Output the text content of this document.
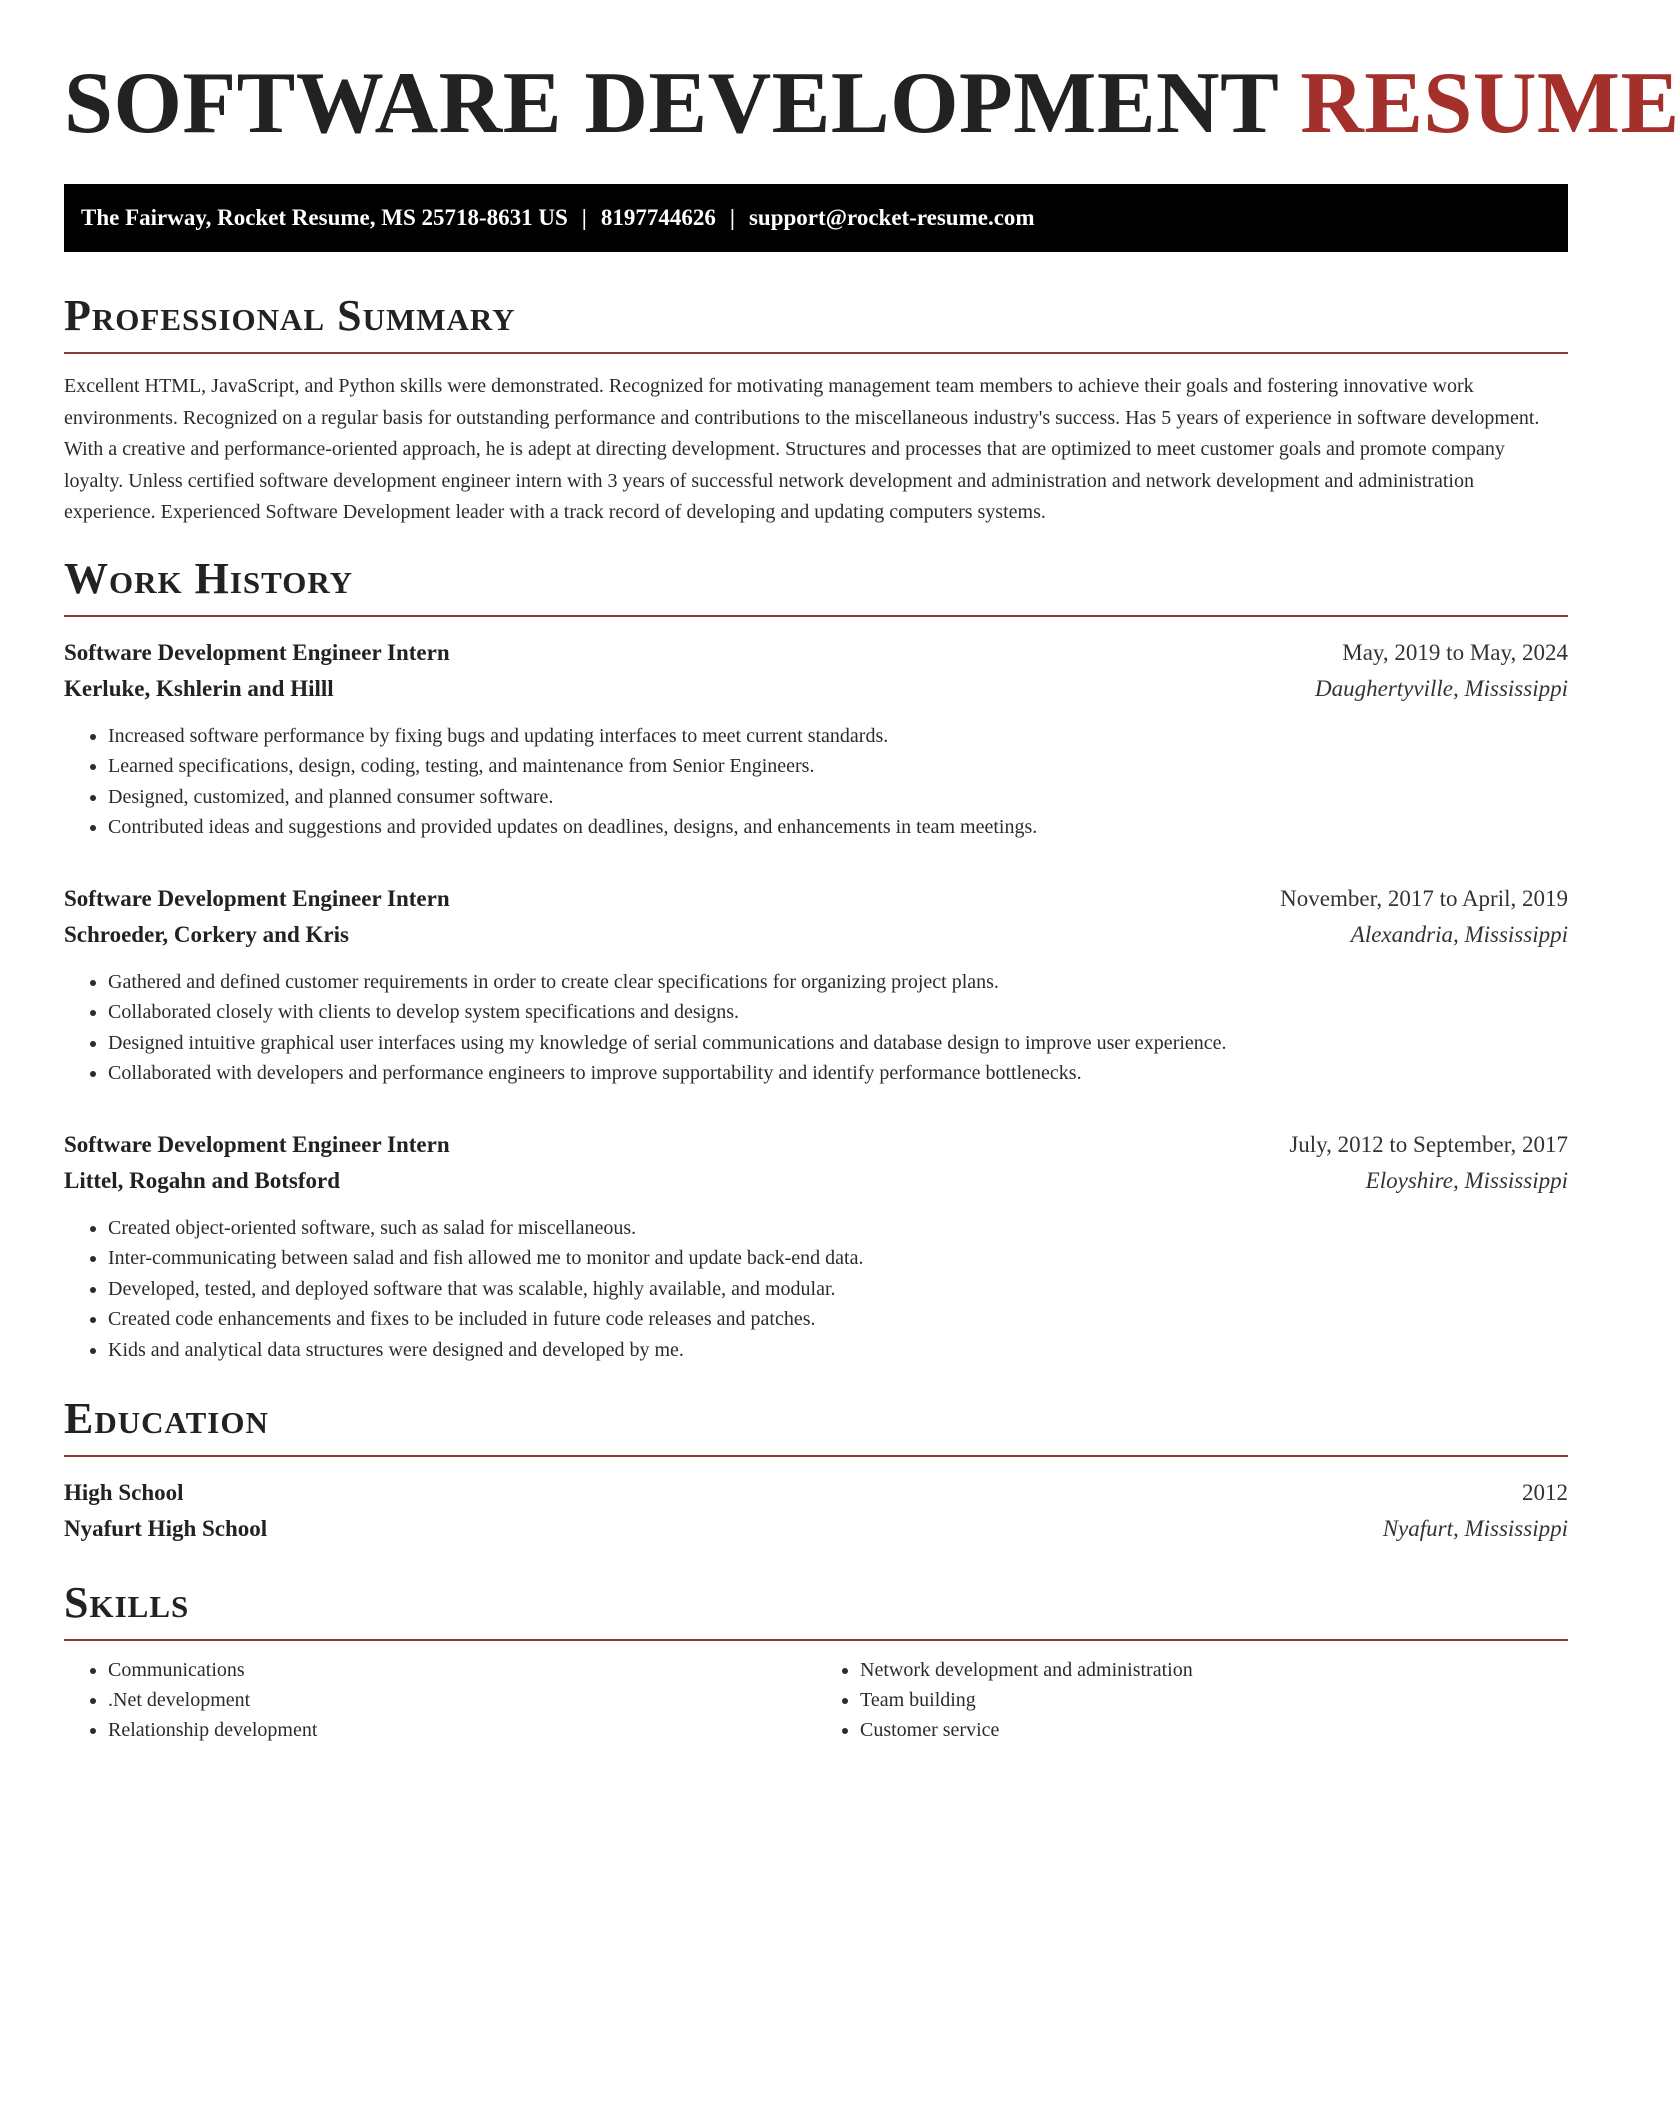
SOFTWARE DEVELOPMENT RESUME
The Fairway, Rocket Resume, MS 25718-8631 US | 8197744626 | support@rocket-resume.com
Professional Summary

Excellent HTML, JavaScript, and Python skills were demonstrated. Recognized for motivating management team members to achieve their goals and fostering innovative work environments. Recognized on a regular basis for outstanding performance and contributions to the miscellaneous industry's success. Has 5 years of experience in software development. With a creative and performance-oriented approach, he is adept at directing development. Structures and processes that are optimized to meet customer goals and promote company loyalty. Unless certified software development engineer intern with 3 years of successful network development and administration and network development and administration experience. Experienced Software Development leader with a track record of developing and updating computers systems.

Work History
Software Development Engineer Intern	May, 2019 to May, 2024
Kerluke, Kshlerin and Hilll	Daughertyville, Mississippi
• Increased software performance by fixing bugs and updating interfaces to meet current standards.
• Learned specifications, design, coding, testing, and maintenance from Senior Engineers.
• Designed, customized, and planned consumer software.
• Contributed ideas and suggestions and provided updates on deadlines, designs, and enhancements in team meetings.
Software Development Engineer Intern	November, 2017 to April, 2019
Schroeder, Corkery and Kris	Alexandria, Mississippi
• Gathered and defined customer requirements in order to create clear specifications for organizing project plans.
• Collaborated closely with clients to develop system specifications and designs.
• Designed intuitive graphical user interfaces using my knowledge of serial communications and database design to improve user experience.
• Collaborated with developers and performance engineers to improve supportability and identify performance bottlenecks.
Software Development Engineer Intern	July, 2012 to September, 2017
Littel, Rogahn and Botsford	Eloyshire, Mississippi
• Created object-oriented software, such as salad for miscellaneous.
• Inter-communicating between salad and fish allowed me to monitor and update back-end data.
• Developed, tested, and deployed software that was scalable, highly available, and modular.
• Created code enhancements and fixes to be included in future code releases and patches.
• Kids and analytical data structures were designed and developed by me.
Education
High School	2012
Nyafurt High School	Nyafurt, Mississippi
Skills
• Communications
• .Net development
• Relationship development
• Network development and administration
• Team building
• Customer service
